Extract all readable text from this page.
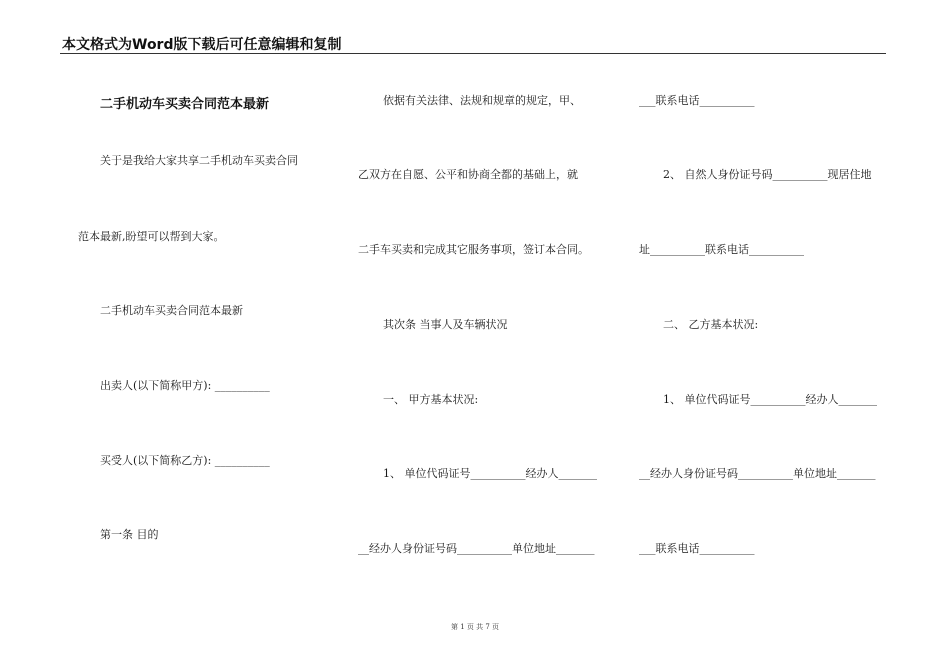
本文格式为Word版下载后可任意编辑和复制
二手机动车买卖合同范本最新
关于是我给大家共享二手机动车买卖合同
范本最新,盼望可以帮到大家。
二手机动车买卖合同范本最新
出卖人(以下简称甲方): __________
买受人(以下简称乙方): __________
第一条 目的
依据有关法律、法规和规章的规定，甲、
乙双方在自愿、公平和协商全都的基础上，就
二手车买卖和完成其它服务事项，签订本合同。
其次条 当事人及车辆状况
一、 甲方基本状况:
1、 单位代码证号__________经办人_______
__经办人身份证号码__________单位地址_______
___联系电话__________
2、 自然人身份证号码__________现居住地
址__________联系电话__________
二、 乙方基本状况:
1、 单位代码证号__________经办人_______
__经办人身份证号码__________单位地址_______
___联系电话__________
第 1 页 共 7 页
